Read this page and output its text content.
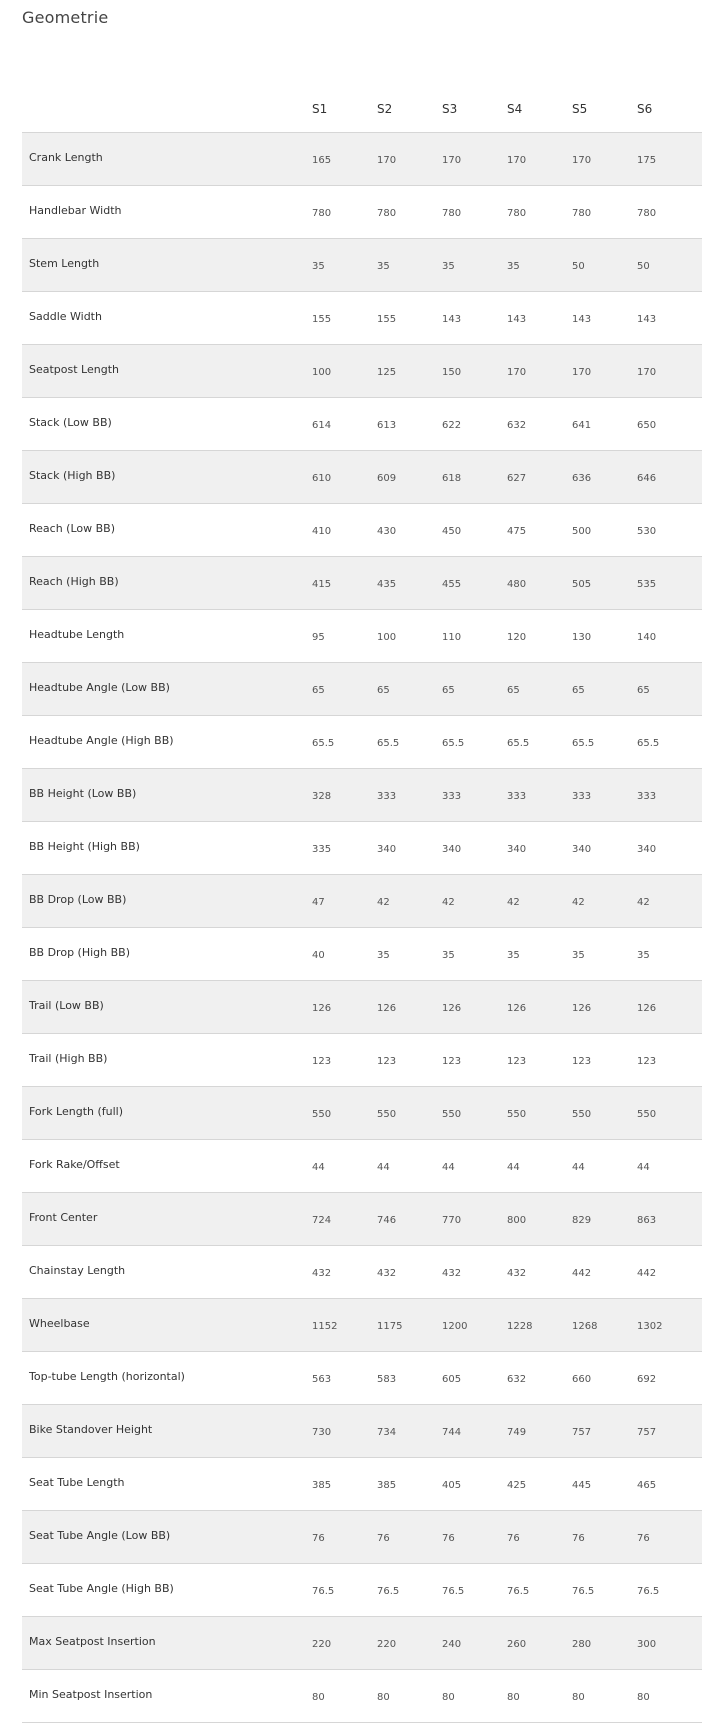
Geometrie
	S1	S2	S3	S4	S5	S6
Crank Length	165	170	170	170	170	175
Handlebar Width	780	780	780	780	780	780
Stem Length	35	35	35	35	50	50
Saddle Width	155	155	143	143	143	143
Seatpost Length	100	125	150	170	170	170
Stack (Low BB)	614	613	622	632	641	650
Stack (High BB)	610	609	618	627	636	646
Reach (Low BB)	410	430	450	475	500	530
Reach (High BB)	415	435	455	480	505	535
Headtube Length	95	100	110	120	130	140
Headtube Angle (Low BB)	65	65	65	65	65	65
Headtube Angle (High BB)	65.5	65.5	65.5	65.5	65.5	65.5
BB Height (Low BB)	328	333	333	333	333	333
BB Height (High BB)	335	340	340	340	340	340
BB Drop (Low BB)	47	42	42	42	42	42
BB Drop (High BB)	40	35	35	35	35	35
Trail (Low BB)	126	126	126	126	126	126
Trail (High BB)	123	123	123	123	123	123
Fork Length (full)	550	550	550	550	550	550
Fork Rake/Offset	44	44	44	44	44	44
Front Center	724	746	770	800	829	863
Chainstay Length	432	432	432	432	442	442
Wheelbase	1152	1175	1200	1228	1268	1302
Top-tube Length (horizontal)	563	583	605	632	660	692
Bike Standover Height	730	734	744	749	757	757
Seat Tube Length	385	385	405	425	445	465
Seat Tube Angle (Low BB)	76	76	76	76	76	76
Seat Tube Angle (High BB)	76.5	76.5	76.5	76.5	76.5	76.5
Max Seatpost Insertion	220	220	240	260	280	300
Min Seatpost Insertion	80	80	80	80	80	80
